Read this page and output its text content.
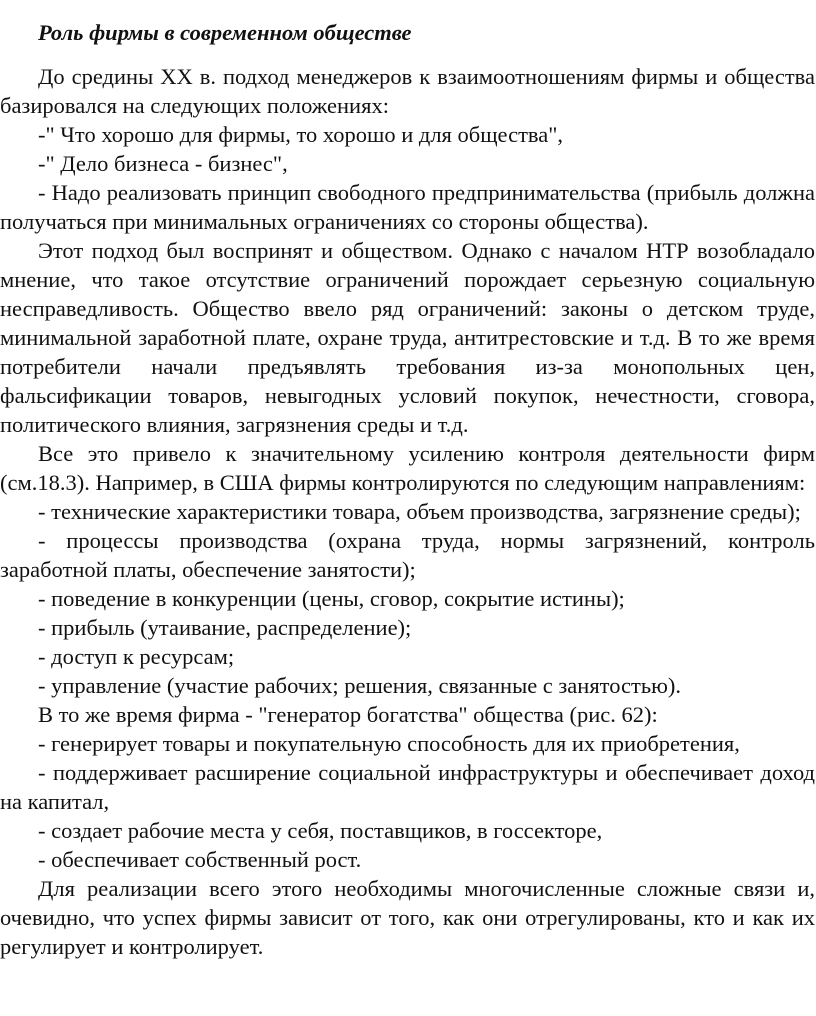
Роль фирмы в современном обществе

До средины XX в. подход менеджеров к взаимоотношениям фирмы и общества базировался на следующих положениях:

-" Что хорошо для фирмы, то хорошо и для общества",

-" Дело бизнеса - бизнес",

- Надо реализовать принцип свободного предпринимательства (прибыль должна получаться при минимальных ограничениях со стороны общества).

Этот подход был воспринят и обществом. Однако с началом НТР возобладало мнение, что такое отсутствие ограничений порождает серьезную социальную несправедливость. Общество ввело ряд ограничений: законы о детском труде, минимальной заработной плате, охране труда, антитрестовские и т.д. В то же время потребители начали предъявлять требования из-за монопольных цен, фальсификации товаров, невыгодных условий покупок, нечестности, сговора, политического влияния, загрязнения среды и т.д.

Все это привело к значительному усилению контроля деятельности фирм (см.18.3). Например, в США фирмы контролируются по следующим направлениям:

- технические характеристики товара, объем производства, загрязнение среды);

- процессы производства (охрана труда, нормы загрязнений, контроль заработной платы, обеспечение занятости);

- поведение в конкуренции (цены, сговор, сокрытие истины);

- прибыль (утаивание, распределение);

- доступ к ресурсам;

- управление (участие рабочих; решения, связанные с занятостью).

В то же время фирма - "генератор богатства" общества (рис. 62):

- генерирует товары и покупательную способность для их приобретения,

- поддерживает расширение социальной инфраструктуры и обеспечивает доход на капитал,

- создает рабочие места у себя, поставщиков, в госсекторе,

- обеспечивает собственный рост.

Для реализации всего этого необходимы многочисленные сложные связи и, очевидно, что успех фирмы зависит от того, как они отрегулированы, кто и как их регулирует и контролирует.
